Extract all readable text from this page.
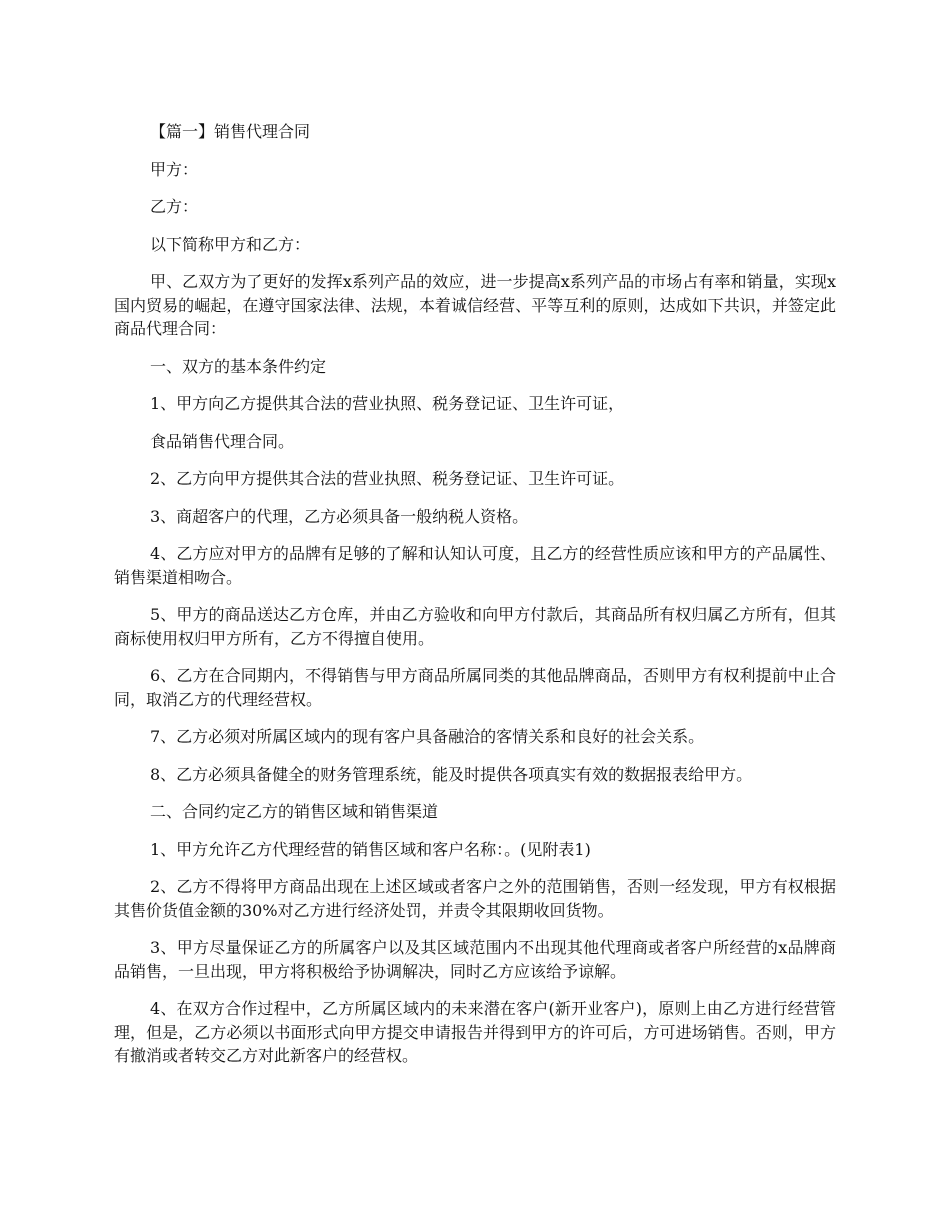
【篇一】销售代理合同

甲方：

乙方：

以下简称甲方和乙方：

甲、乙双方为了更好的发挥x系列产品的效应，进一步提高x系列产品的市场占有率和销量，实现x国内贸易的崛起，在遵守国家法律、法规，本着诚信经营、平等互利的原则，达成如下共识，并签定此商品代理合同：

一、双方的基本条件约定

1、甲方向乙方提供其合法的营业执照、税务登记证、卫生许可证，

食品销售代理合同。

2、乙方向甲方提供其合法的营业执照、税务登记证、卫生许可证。

3、商超客户的代理，乙方必须具备一般纳税人资格。

4、乙方应对甲方的品牌有足够的了解和认知认可度，且乙方的经营性质应该和甲方的产品属性、销售渠道相吻合。

5、甲方的商品送达乙方仓库，并由乙方验收和向甲方付款后，其商品所有权归属乙方所有，但其商标使用权归甲方所有，乙方不得擅自使用。

6、乙方在合同期内，不得销售与甲方商品所属同类的其他品牌商品，否则甲方有权利提前中止合同，取消乙方的代理经营权。

7、乙方必须对所属区域内的现有客户具备融洽的客情关系和良好的社会关系。

8、乙方必须具备健全的财务管理系统，能及时提供各项真实有效的数据报表给甲方。

二、合同约定乙方的销售区域和销售渠道

1、甲方允许乙方代理经营的销售区域和客户名称：。(见附表1)

2、乙方不得将甲方商品出现在上述区域或者客户之外的范围销售，否则一经发现，甲方有权根据其售价货值金额的30%对乙方进行经济处罚，并责令其限期收回货物。

3、甲方尽量保证乙方的所属客户以及其区域范围内不出现其他代理商或者客户所经营的x品牌商品销售，一旦出现，甲方将积极给予协调解决，同时乙方应该给予谅解。

4、在双方合作过程中，乙方所属区域内的未来潜在客户(新开业客户)，原则上由乙方进行经营管理，但是，乙方必须以书面形式向甲方提交申请报告并得到甲方的许可后，方可进场销售。否则，甲方有撤消或者转交乙方对此新客户的经营权。
